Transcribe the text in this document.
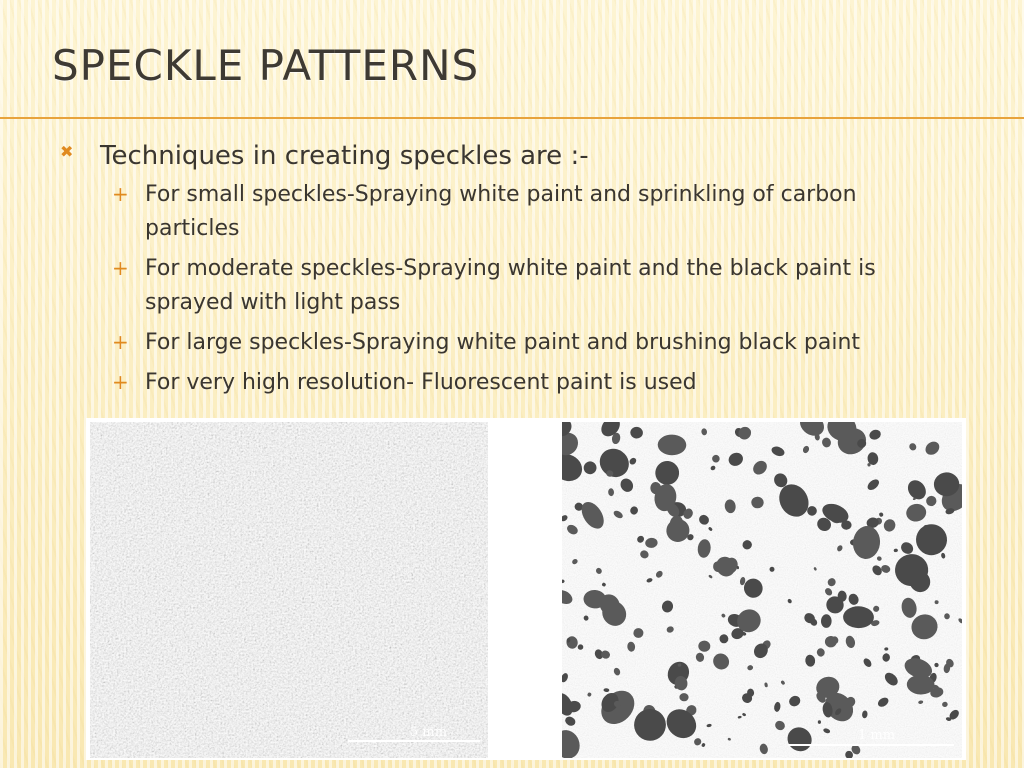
SPECKLE PATTERNS
✖	Techniques in creating speckles are :-
+ For small speckles-Spraying white paint and sprinkling of carbon particles
+ For moderate speckles-Spraying white paint and the black paint is sprayed with light pass
+ For large speckles-Spraying white paint and brushing black paint
+ For very high resolution- Fluorescent paint is used
5 mm	1 mm
